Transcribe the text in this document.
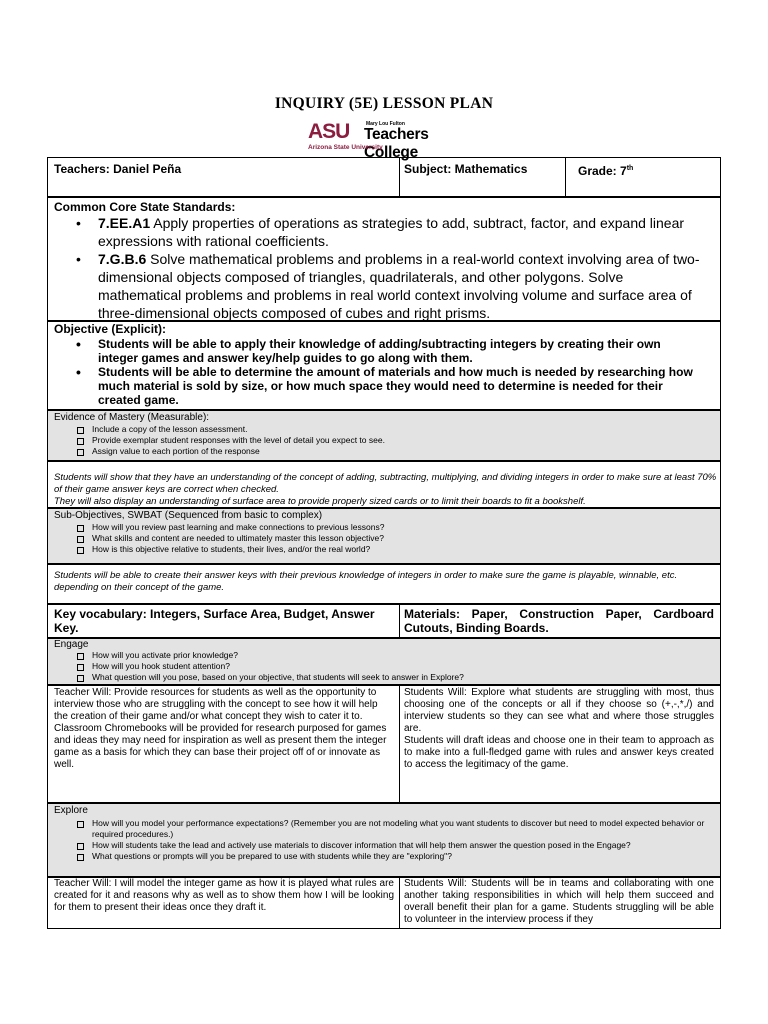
INQUIRY (5E) LESSON PLAN
ASU	Mary Lou Fulton
Teachers College
Arizona State University
Teachers: Daniel Peña	Subject: Mathematics	Grade: 7th
Common Core State Standards:
• 7.EE.A1 Apply properties of operations as strategies to add, subtract, factor, and expand linear expressions with rational coefficients.
• 7.G.B.6 Solve mathematical problems and problems in a real-world context involving area of two-dimensional objects composed of triangles, quadrilaterals, and other polygons. Solve mathematical problems and problems in real world context involving volume and surface area of three-dimensional objects composed of cubes and right prisms.
Objective (Explicit):
• Students will be able to apply their knowledge of adding/subtracting integers by creating their own integer games and answer key/help guides to go along with them.
• Students will be able to determine the amount of materials and how much is needed by researching how much material is sold by size, or how much space they would need to determine is needed for their created game.
Evidence of Mastery (Measurable):
Include a copy of the lesson assessment.
Provide exemplar student responses with the level of detail you expect to see.
Assign value to each portion of the response
Students will show that they have an understanding of the concept of adding, subtracting, multiplying, and dividing integers in order to make sure at least 70% of their game answer keys are correct when checked.
They will also display an understanding of surface area to provide properly sized cards or to limit their boards to fit a bookshelf.
Sub-Objectives, SWBAT (Sequenced from basic to complex)
How will you review past learning and make connections to previous lessons?
What skills and content are needed to ultimately master this lesson objective?
How is this objective relative to students, their lives, and/or the real world?
Students will be able to create their answer keys with their previous knowledge of integers in order to make sure the game is playable, winnable, etc. depending on their concept of the game.
Key vocabulary: Integers, Surface Area, Budget, Answer Key.
Materials: Paper, Construction Paper, Cardboard Cutouts, Binding Boards.
Engage
How will you activate prior knowledge?
How will you hook student attention?
What question will you pose, based on your objective, that students will seek to answer in Explore?
Teacher Will: Provide resources for students as well as the opportunity to interview those who are struggling with the concept to see how it will help the creation of their game and/or what concept they wish to cater it to.
Classroom Chromebooks will be provided for research purposed for games and ideas they may need for inspiration as well as present them the integer game as a basis for which they can base their project off of or innovate as well.
Students Will: Explore what students are struggling with most, thus choosing one of the concepts or all if they choose so (+,-,*,/) and interview students so they can see what and where those struggles are.
Students will draft ideas and choose one in their team to approach as to make into a full-fledged game with rules and answer keys created to access the legitimacy of the game.
Explore
How will you model your performance expectations? (Remember you are not modeling what you want students to discover but need to model expected behavior or required procedures.)
How will students take the lead and actively use materials to discover information that will help them answer the question posed in the Engage?
What questions or prompts will you be prepared to use with students while they are "exploring"?
Teacher Will: I will model the integer game as how it is played what rules are created for it and reasons why as well as to show them how I will be looking for them to present their ideas once they draft it.
Students Will: Students will be in teams and collaborating with one another taking responsibilities in which will help them succeed and overall benefit their plan for a game. Students struggling will be able to volunteer in the interview process if they
